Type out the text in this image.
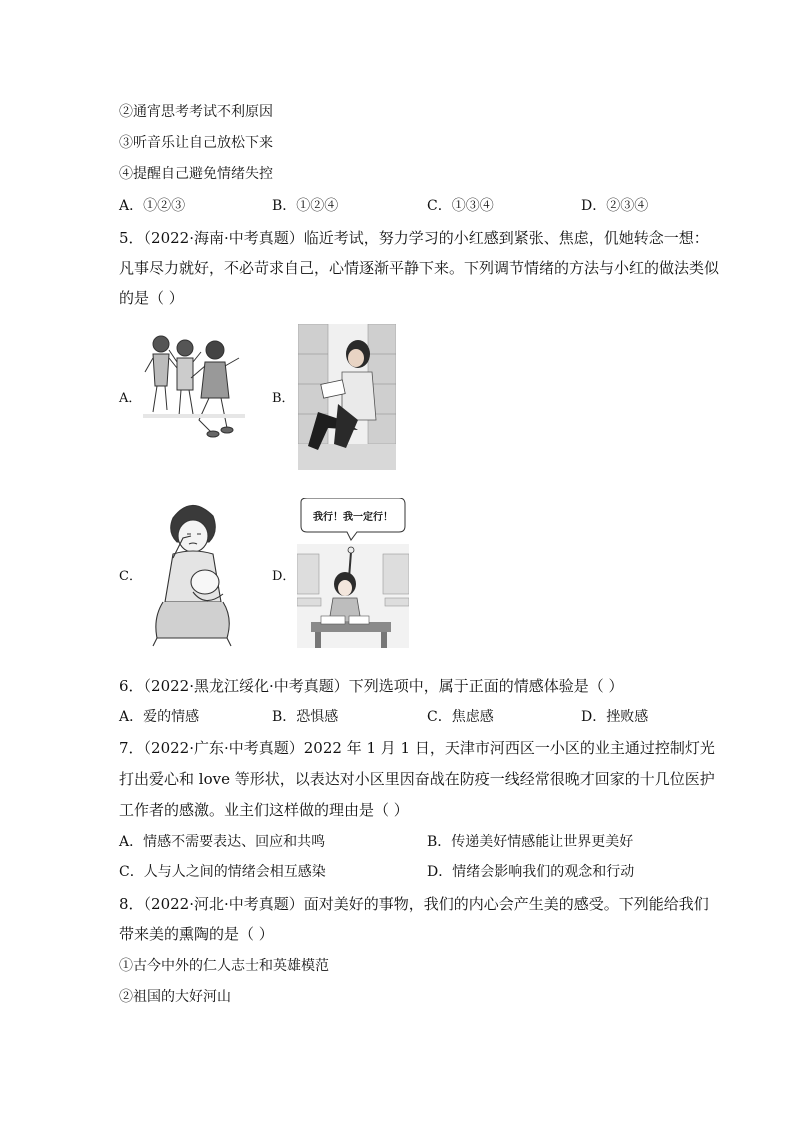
②通宵思考考试不利原因
③听音乐让自己放松下来
④提醒自己避免情绪失控
A．①②③	B．①②④	C．①③④	D．②③④
5．（2022·海南·中考真题）临近考试，努力学习的小红感到紧张、焦虑，仉她转念一想：
凡事尽力就好，不必苛求自己，心情逐渐平静下来。下列调节情绪的方法与小红的做法类似
的是（ ）
A．	B．
C．	D．
我行！我一定行！
6．（2022·黑龙江绥化·中考真题）下列选项中，属于正面的情感体验是（ ）
A．爱的情感	B．恐惧感	C．焦虑感	D．挫败感
7．（2022·广东·中考真题）2022 年 1 月 1 日，天津市河西区一小区的业主通过控制灯光
打出爱心和 love 等形状，以表达对小区里因奋战在防疫一线经常很晚才回家的十几位医护
工作者的感激。业主们这样做的理由是（ ）
A．情感不需要表达、回应和共鸣	B．传递美好情感能让世界更美好
C．人与人之间的情绪会相互感染	D．情绪会影响我们的观念和行动
8．（2022·河北·中考真题）面对美好的事物，我们的内心会产生美的感受。下列能给我们
带来美的熏陶的是（ ）
①古今中外的仁人志士和英雄模范
②祖国的大好河山
